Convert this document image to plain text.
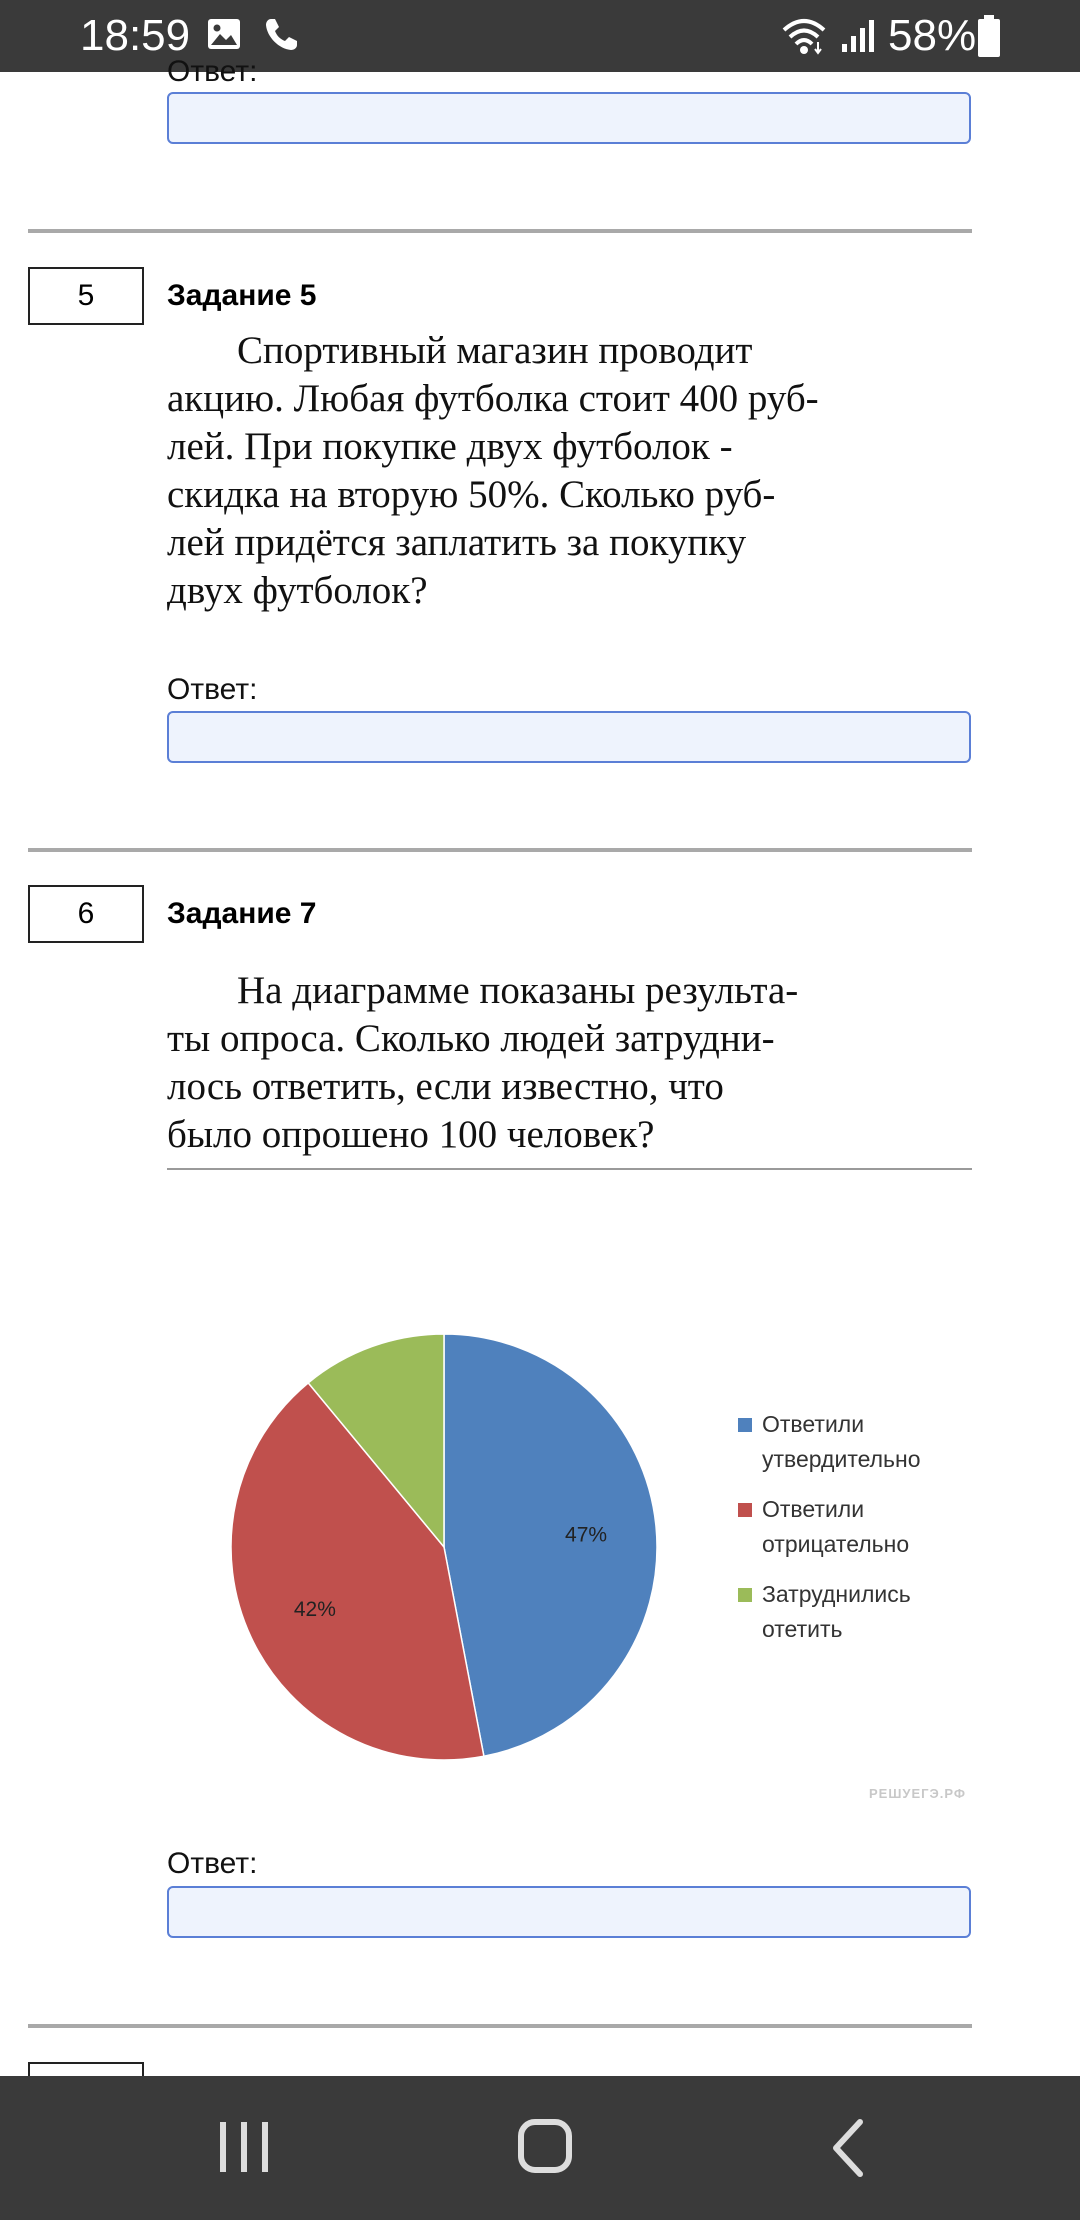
18:59	58%
Ответ:
5	Задание 5
Спортивный магазин проводит
акцию. Любая футболка стоит 400 руб-
лей. При покупке двух футболок -
скидка на вторую 50%. Сколько руб-
лей придётся заплатить за покупку
двух футболок?
Ответ:
6	Задание 7
На диаграмме показаны результа-
ты опроса. Сколько людей затрудни-
лось ответить, если известно, что
было опрошено 100 человек?
47%
42%
Ответили
утвердительно
Ответили
отрицательно
Затруднились
отетить
РЕШУЕГЭ.РФ
Ответ:
